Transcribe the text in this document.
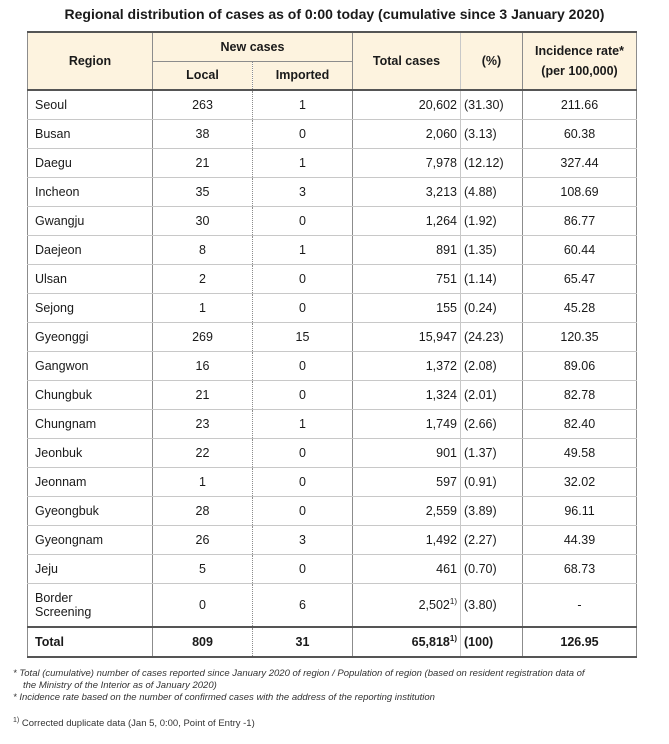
Regional distribution of cases as of 0:00 today (cumulative since 3 January 2020)
Region	New cases		Total cases	(%)	Incidence rate*
(per 100,000)
	Local	Imported			
Seoul	263	1	20,602	(31.30)	211.66
Busan	38	0	2,060	(3.13)	60.38
Daegu	21	1	7,978	(12.12)	327.44
Incheon	35	3	3,213	(4.88)	108.69
Gwangju	30	0	1,264	(1.92)	86.77
Daejeon	8	1	891	(1.35)	60.44
Ulsan	2	0	751	(1.14)	65.47
Sejong	1	0	155	(0.24)	45.28
Gyeonggi	269	15	15,947	(24.23)	120.35
Gangwon	16	0	1,372	(2.08)	89.06
Chungbuk	21	0	1,324	(2.01)	82.78
Chungnam	23	1	1,749	(2.66)	82.40
Jeonbuk	22	0	901	(1.37)	49.58
Jeonnam	1	0	597	(0.91)	32.02
Gyeongbuk	28	0	2,559	(3.89)	96.11
Gyeongnam	26	3	1,492	(2.27)	44.39
Jeju	5	0	461	(0.70)	68.73
Border
Screening	0	6	2,502$^{1)}$	(3.80)	-
Total	809	31	65,818$^{1)}$	(100)	126.95
* Total (cumulative) number of cases reported since January 2020 of region / Population of region (based on resident registration data of
the Ministry of the Interior as of January 2020)
* Incidence rate based on the number of confirmed cases with the address of the reporting institution
$^{1)}$ Corrected duplicate data (Jan 5, 0:00, Point of Entry -1)
